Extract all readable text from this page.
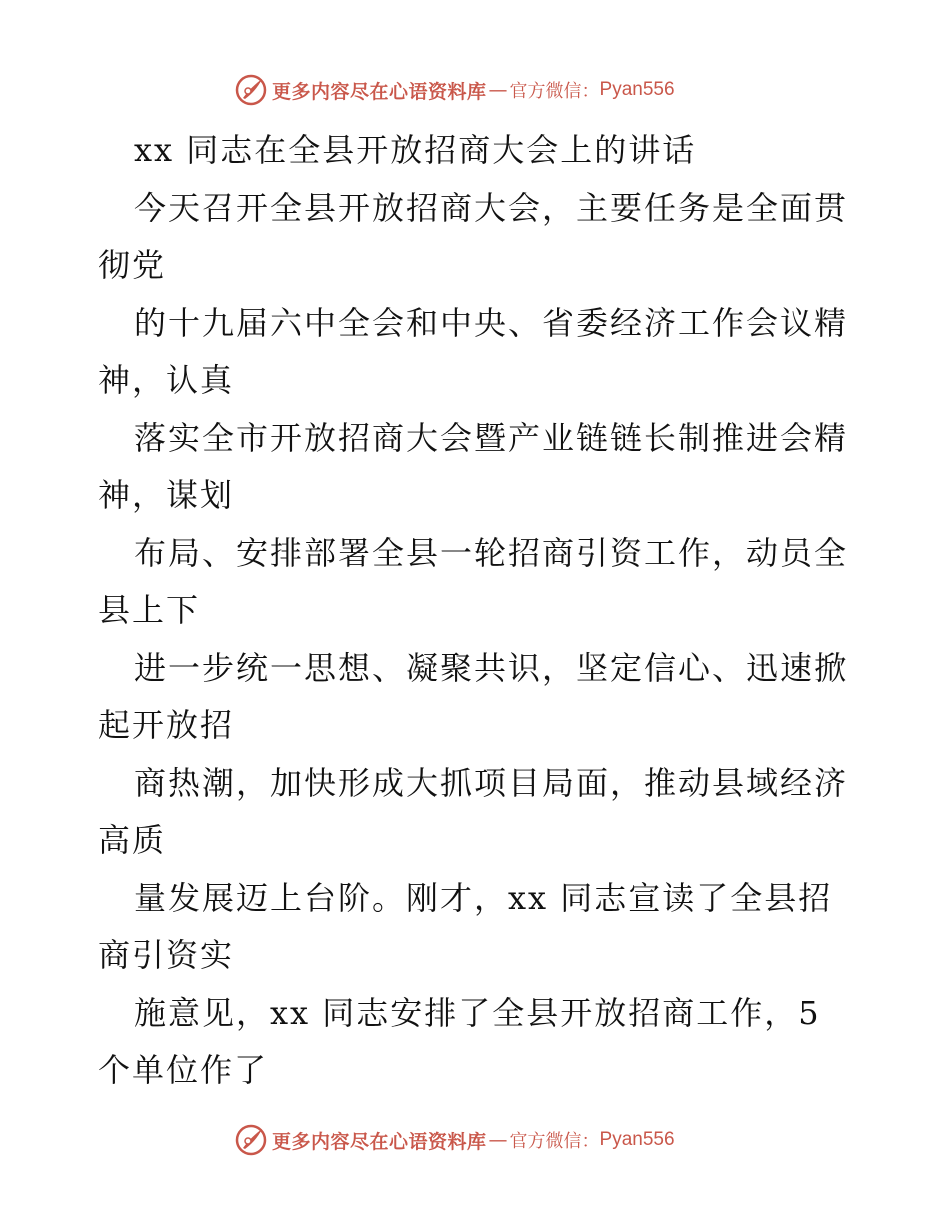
更多内容尽在心语资料库 — 官方微信： Pyan556
xx 同志在全县开放招商大会上的讲话
今天召开全县开放招商大会，主要任务是全面贯
彻党
的十九届六中全会和中央、省委经济工作会议精
神，认真
落实全市开放招商大会暨产业链链长制推进会精
神，谋划
布局、安排部署全县一轮招商引资工作，动员全
县上下
进一步统一思想、凝聚共识，坚定信心、迅速掀
起开放招
商热潮，加快形成大抓项目局面，推动县域经济
高质
量发展迈上台阶。刚才，xx 同志宣读了全县招
商引资实
施意见，xx 同志安排了全县开放招商工作，5
个单位作了
更多内容尽在心语资料库 — 官方微信： Pyan556
